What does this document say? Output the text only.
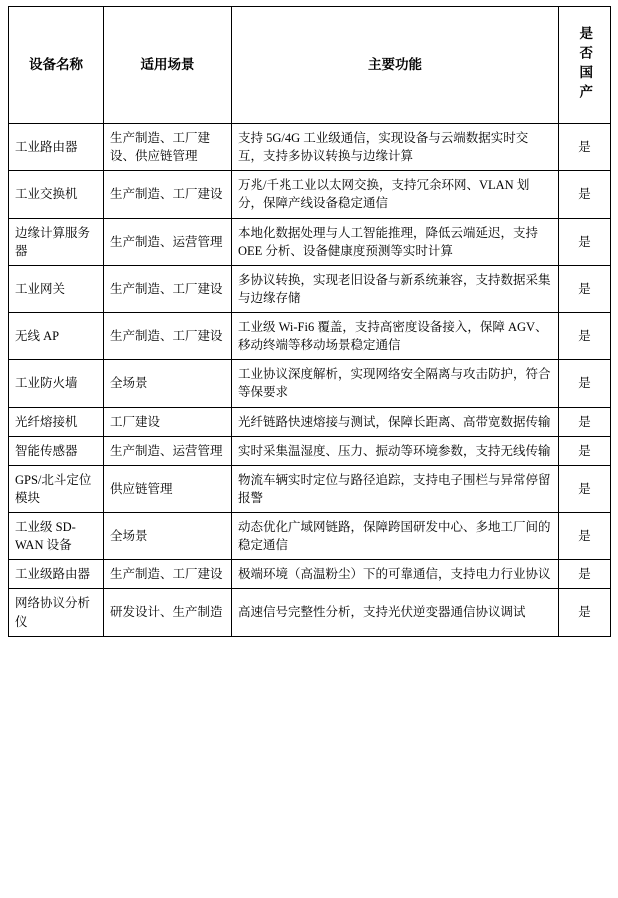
设备名称	适用场景	主要功能	是否国产
工业路由器	生产制造、工厂建设、供应链管理	支持 5G/4G 工业级通信，实现设备与云端数据实时交互，支持多协议转换与边缘计算	是
工业交换机	生产制造、工厂建设	万兆/千兆工业以太网交换，支持冗余环网、VLAN 划分，保障产线设备稳定通信	是
边缘计算服务器	生产制造、运营管理	本地化数据处理与人工智能推理，降低云端延迟，支持 OEE 分析、设备健康度预测等实时计算	是
工业网关	生产制造、工厂建设	多协议转换，实现老旧设备与新系统兼容，支持数据采集与边缘存储	是
无线 AP	生产制造、工厂建设	工业级 Wi-Fi6 覆盖，支持高密度设备接入，保障 AGV、移动终端等移动场景稳定通信	是
工业防火墙	全场景	工业协议深度解析，实现网络安全隔离与攻击防护，符合等保要求	是
光纤熔接机	工厂建设	光纤链路快速熔接与测试，保障长距离、高带宽数据传输	是
智能传感器	生产制造、运营管理	实时采集温湿度、压力、振动等环境参数，支持无线传输	是
GPS/北斗定位模块	供应链管理	物流车辆实时定位与路径追踪，支持电子围栏与异常停留报警	是
工业级 SD-WAN 设备	全场景	动态优化广域网链路，保障跨国研发中心、多地工厂间的稳定通信	是
工业级路由器	生产制造、工厂建设	极端环境（高温粉尘）下的可靠通信，支持电力行业协议	是
网络协议分析仪	研发设计、生产制造	高速信号完整性分析，支持光伏逆变器通信协议调试	是
